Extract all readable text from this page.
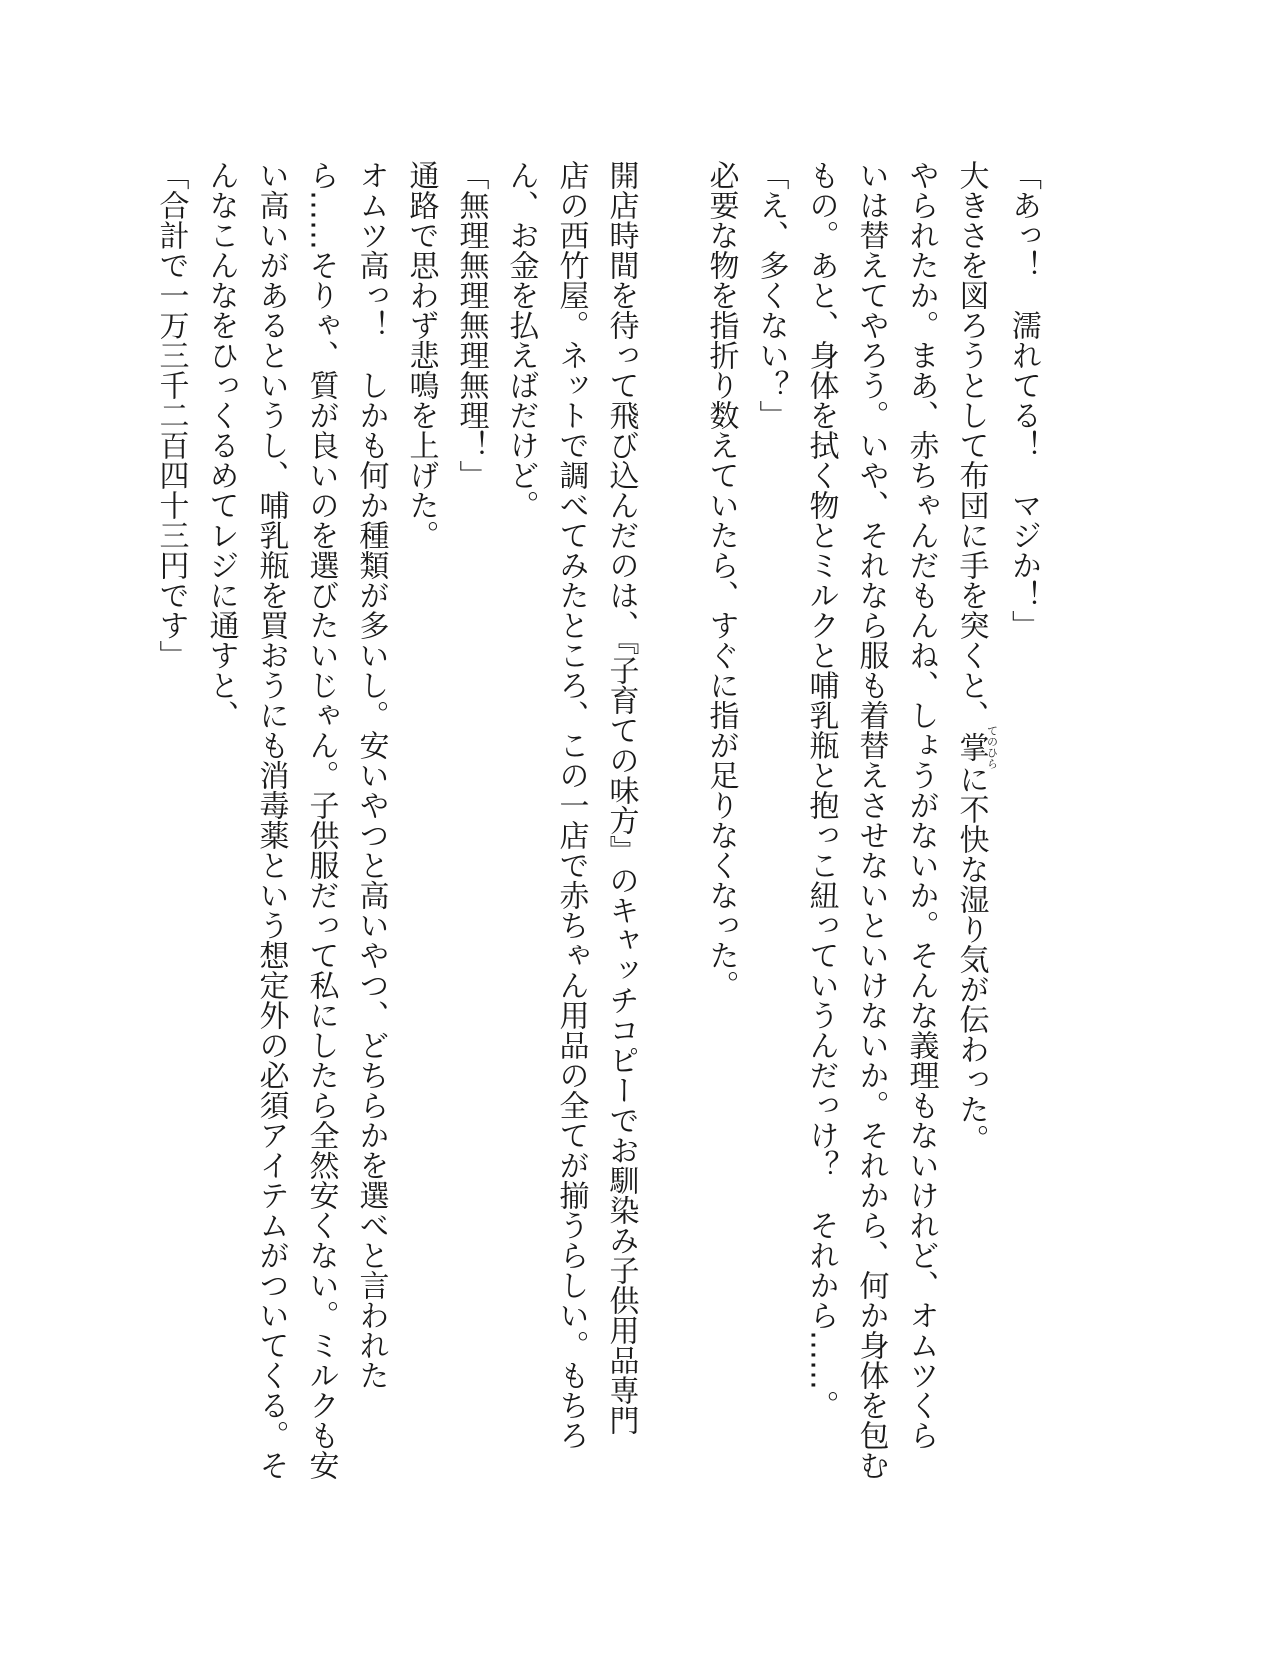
「あっ！　濡れてる！　マジか！」
大きさを図ろうとして布団に手を突くと、掌てのひらに不快な湿り気が伝わった。
やられたか。まあ、赤ちゃんだもんね、しょうがないか。そんな義理もないけれど、オムツくら
いは替えてやろう。いや、それなら服も着替えさせないといけないか。それから、何か身体を包む
もの。あと、身体を拭く物とミルクと哺乳瓶と抱っこ紐っていうんだっけ？　それから……。
「え、多くない？」
必要な物を指折り数えていたら、すぐに指が足りなくなった。
開店時間を待って飛び込んだのは、『子育ての味方』のキャッチコピーでお馴染み子供用品専門
店の西竹屋。ネットで調べてみたところ、この一店で赤ちゃん用品の全てが揃うらしい。もちろ
ん、お金を払えばだけど。
「無理無理無理無理！」
通路で思わず悲鳴を上げた。
オムツ高っ！　しかも何か種類が多いし。安いやつと高いやつ、どちらかを選べと言われた
ら……そりゃ、質が良いのを選びたいじゃん。子供服だって私にしたら全然安くない。ミルクも安
い高いがあるというし、哺乳瓶を買おうにも消毒薬という想定外の必須アイテムがついてくる。そ
んなこんなをひっくるめてレジに通すと、
「合計で一万三千二百四十三円です」
